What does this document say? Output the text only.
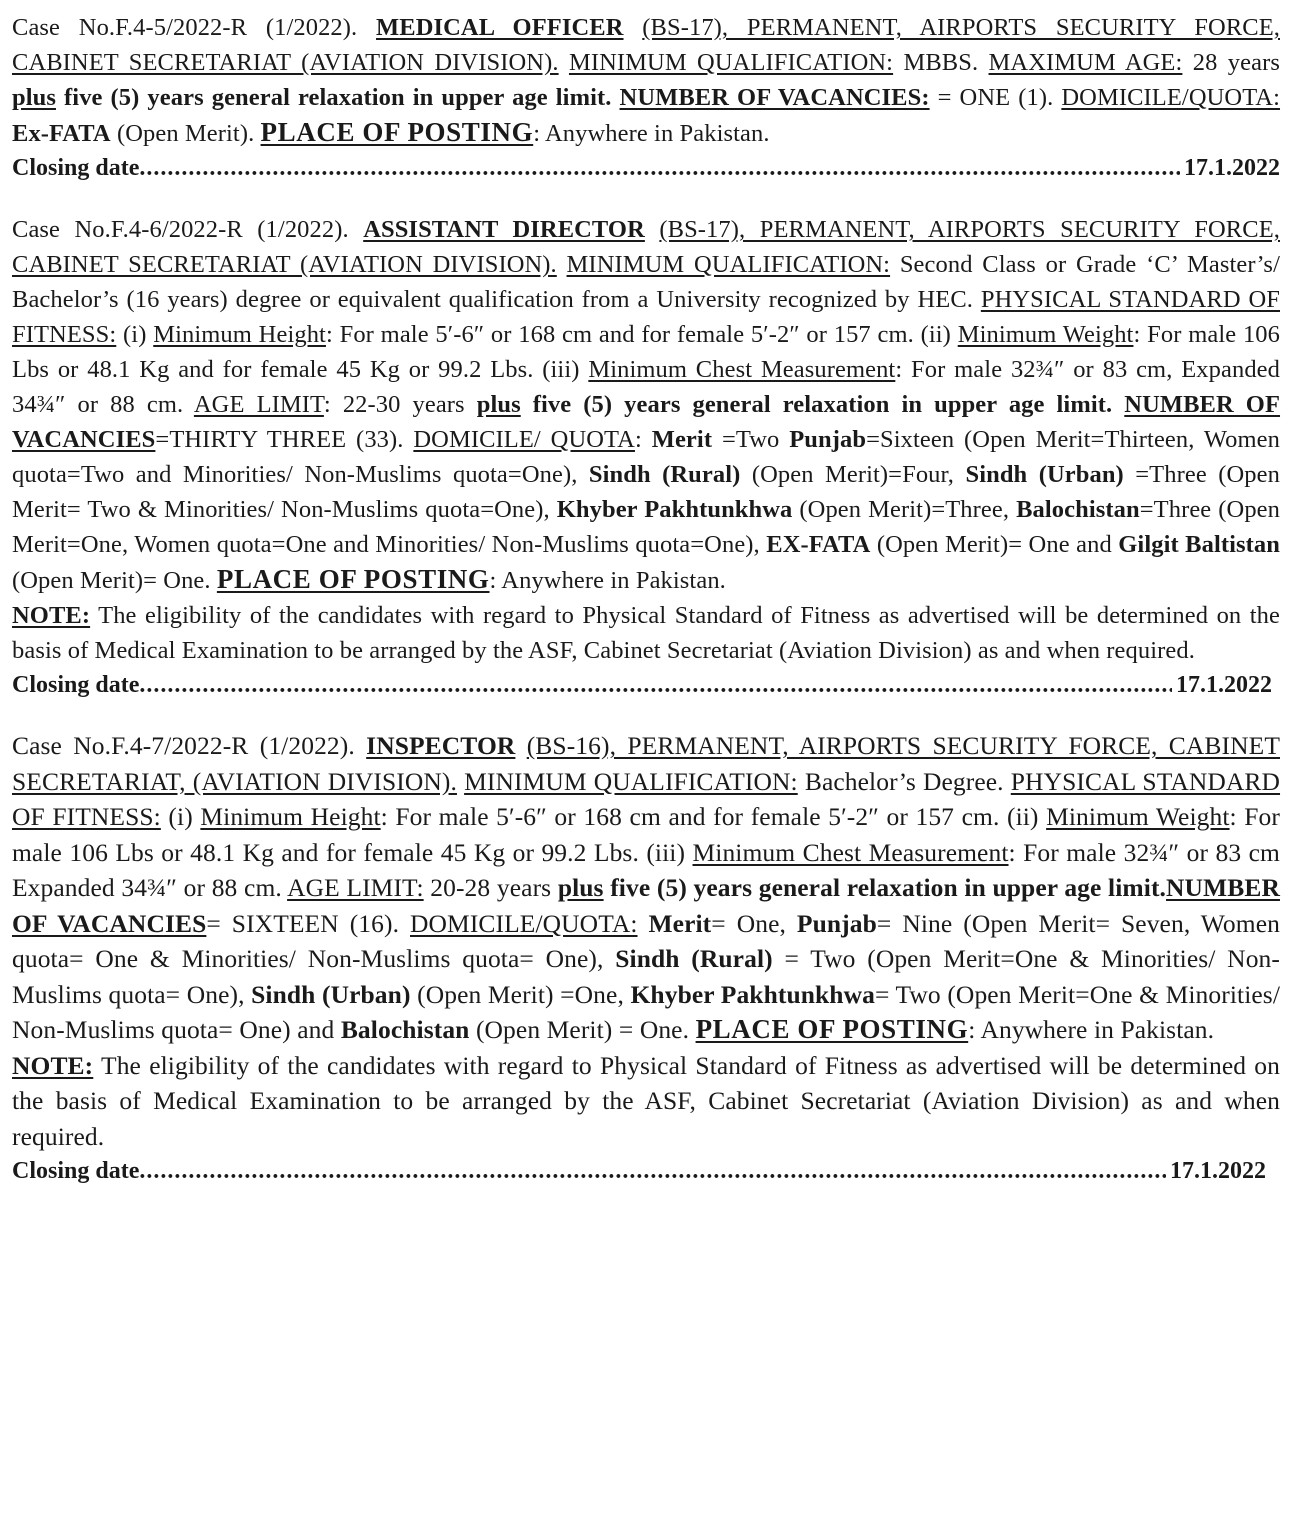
Case No.F.4-5/2022-R (1/2022). MEDICAL OFFICER (BS-17), PERMANENT, AIRPORTS SECURITY FORCE, CABINET SECRETARIAT (AVIATION DIVISION). MINIMUM QUALIFICATION: MBBS. MAXIMUM AGE: 28 years plus five (5) years general relaxation in upper age limit. NUMBER OF VACANCIES: = ONE (1). DOMICILE/QUOTA: Ex-FATA (Open Merit). PLACE OF POSTING: Anywhere in Pakistan.

Closing date .....	17.1.2022

Case No.F.4-6/2022-R (1/2022). ASSISTANT DIRECTOR (BS-17), PERMANENT, AIRPORTS SECURITY FORCE, CABINET SECRETARIAT (AVIATION DIVISION). MINIMUM QUALIFICATION: Second Class or Grade ‘C’ Master’s/ Bachelor’s (16 years) degree or equivalent qualification from a University recognized by HEC. PHYSICAL STANDARD OF FITNESS: (i) Minimum Height: For male 5′-6″ or 168 cm and for female 5′-2″ or 157 cm. (ii) Minimum Weight: For male 106 Lbs or 48.1 Kg and for female 45 Kg or 99.2 Lbs. (iii) Minimum Chest Measurement: For male 32¾″ or 83 cm, Expanded 34¾″ or 88 cm. AGE LIMIT: 22-30 years plus five (5) years general relaxation in upper age limit. NUMBER OF VACANCIES=THIRTY THREE (33). DOMICILE/ QUOTA: Merit =Two Punjab=Sixteen (Open Merit=Thirteen, Women quota=Two and Minorities/ Non-Muslims quota=One), Sindh (Rural) (Open Merit)=Four, Sindh (Urban) =Three (Open Merit= Two & Minorities/ Non-Muslims quota=One), Khyber Pakhtunkhwa (Open Merit)=Three, Balochistan=Three (Open Merit=One, Women quota=One and Minorities/ Non-Muslims quota=One), EX-FATA (Open Merit)= One and Gilgit Baltistan (Open Merit)= One. PLACE OF POSTING: Anywhere in Pakistan.

NOTE: The eligibility of the candidates with regard to Physical Standard of Fitness as advertised will be determined on the basis of Medical Examination to be arranged by the ASF, Cabinet Secretariat (Aviation Division) as and when required.

Closing date .....	17.1.2022

Case No.F.4-7/2022-R (1/2022). INSPECTOR (BS-16), PERMANENT, AIRPORTS SECURITY FORCE, CABINET SECRETARIAT, (AVIATION DIVISION). MINIMUM QUALIFICATION: Bachelor’s Degree. PHYSICAL STANDARD OF FITNESS: (i) Minimum Height: For male 5′-6″ or 168 cm and for female 5′-2″ or 157 cm. (ii) Minimum Weight: For male 106 Lbs or 48.1 Kg and for female 45 Kg or 99.2 Lbs. (iii) Minimum Chest Measurement: For male 32¾″ or 83 cm Expanded 34¾″ or 88 cm. AGE LIMIT: 20-28 years plus five (5) years general relaxation in upper age limit.NUMBER OF VACANCIES= SIXTEEN (16). DOMICILE/QUOTA: Merit= One, Punjab= Nine (Open Merit= Seven, Women quota= One & Minorities/ Non-Muslims quota= One), Sindh (Rural) = Two (Open Merit=One & Minorities/ Non-Muslims quota= One), Sindh (Urban) (Open Merit) =One, Khyber Pakhtunkhwa= Two (Open Merit=One & Minorities/ Non-Muslims quota= One) and Balochistan (Open Merit) = One. PLACE OF POSTING: Anywhere in Pakistan.

NOTE: The eligibility of the candidates with regard to Physical Standard of Fitness as advertised will be determined on the basis of Medical Examination to be arranged by the ASF, Cabinet Secretariat (Aviation Division) as and when required.

Closing date .....	17.1.2022
